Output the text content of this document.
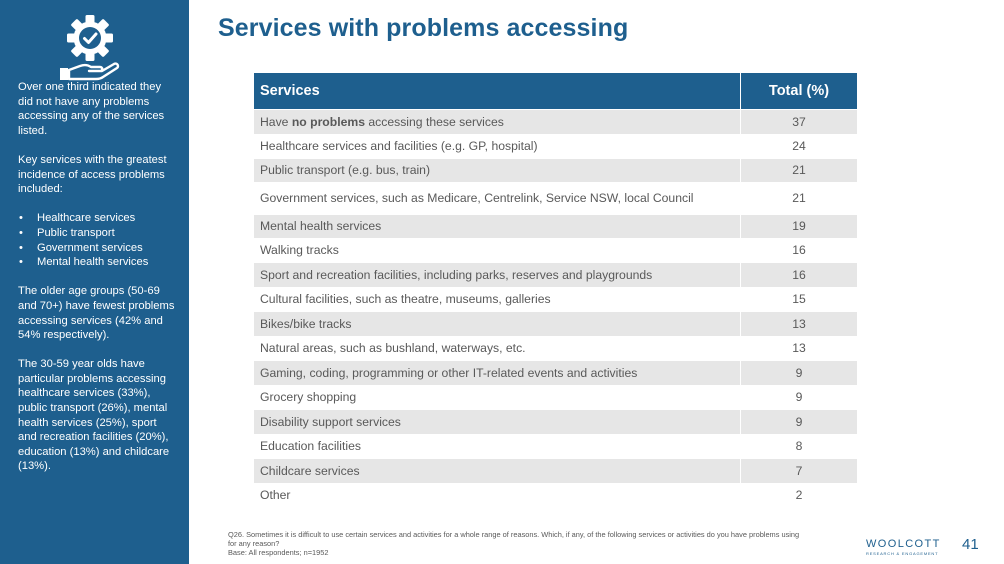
Over one third indicated they did not have any problems accessing any of the services listed.

Key services with the greatest incidence of access problems included:

• Healthcare services
• Public transport
• Government services
• Mental health services

The older age groups (50-69 and 70+) have fewest problems accessing services (42% and 54% respectively).

The 30-59 year olds have particular problems accessing healthcare services (33%), public transport (26%), mental health services (25%), sport and recreation facilities (20%), education (13%) and childcare (13%).

Services with problems accessing
Services	Total (%)
Have no problems accessing these services	37
Healthcare services and facilities (e.g. GP, hospital)	24
Public transport (e.g. bus, train)	21
Government services, such as Medicare, Centrelink, Service NSW, local Council	21
Mental health services	19
Walking tracks	16
Sport and recreation facilities, including parks, reserves and playgrounds	16
Cultural facilities, such as theatre, museums, galleries	15
Bikes/bike tracks	13
Natural areas, such as bushland, waterways, etc.	13
Gaming, coding, programming or other IT-related events and activities	9
Grocery shopping	9
Disability support services	9
Education facilities	8
Childcare services	7
Other	2

Q26. Sometimes it is difficult to use certain services and activities for a whole range of reasons. Which, if any, of the following services or activities do you have problems using for any reason?

Base: All respondents; n=1952

WOOLCOTT
RESEARCH & ENGAGEMENT
41
